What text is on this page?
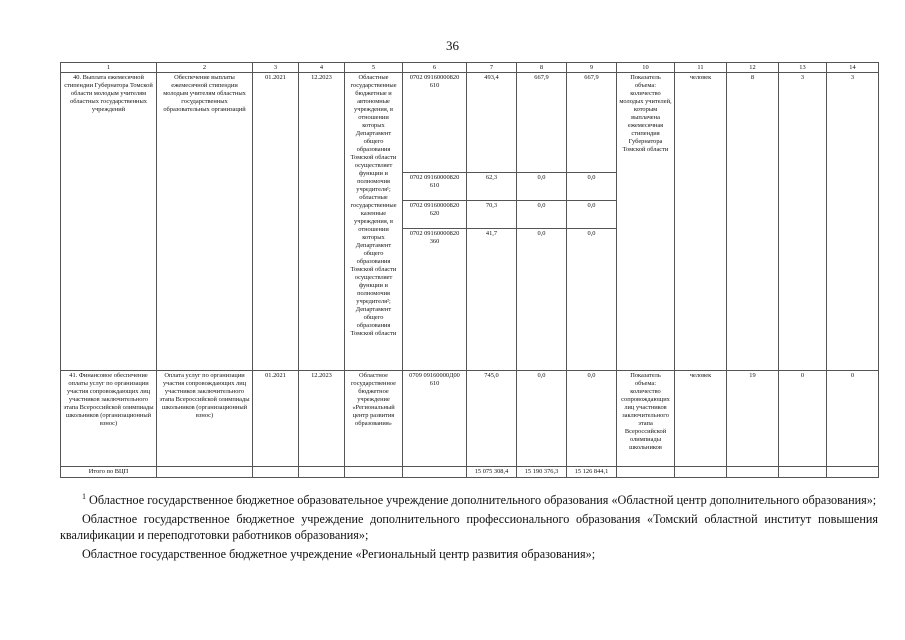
36
1	2	3	4	5	6	7	8	9	10	11	12	13	14
40. Выплата ежемесячной стипендии Губернатора Томской области молодым учителям областных государственных учреждений	Обеспечение выплаты ежемесячной стипендии молодым учителям областных государственных образовательных организаций	01.2021	12.2023	Областные государственные бюджетные и автономные учреждения, в отношении которых Департамент общего образования Томской области осуществляет функции и полномочия учредителя¹; областные государственные казенные учреждения, в отношении которых Департамент общего образования Томской области осуществляет функции и полномочия учредителя²; Департамент общего образования Томской области	0702 09160000820 610	493,4	667,9	667,9	Показатель объема: количество молодых учителей, которым выплачена ежемесячная стипендия Губернатора Томской области	человек	8	3	3
					0702 09160000820 610	62,3	0,0	0,0					
					0702 09160000820 620	70,3	0,0	0,0					
					0702 09160000820 360	41,7	0,0	0,0					
41. Финансовое обеспечение оплаты услуг по организации участия сопровождающих лиц участников заключительного этапа Всероссийской олимпиады школьников (организационный взнос)	Оплата услуг по организации участия сопровождающих лиц участников заключительного этапа Всероссийской олимпиады школьников (организационный взнос)	01.2021	12.2023	Областное государственное бюджетное учреждение «Региональный центр развития образования»	0709 09160000Д00 610	745,0	0,0	0,0	Показатель объема: количество сопровождающих лиц участников заключительного этапа Всероссийской олимпиады школьников	человек	19	0	0
Итого по ВЦП						15 075 308,4	15 190 376,3	15 126 844,1					

$^1$ Областное государственное бюджетное образовательное учреждение дополнительного образования «Областной центр дополнительного образования»;

Областное государственное бюджетное учреждение дополнительного профессионального образования «Томский областной институт повышения квалификации и переподготовки работников образования»;

Областное государственное бюджетное учреждение «Региональный центр развития образования»;
